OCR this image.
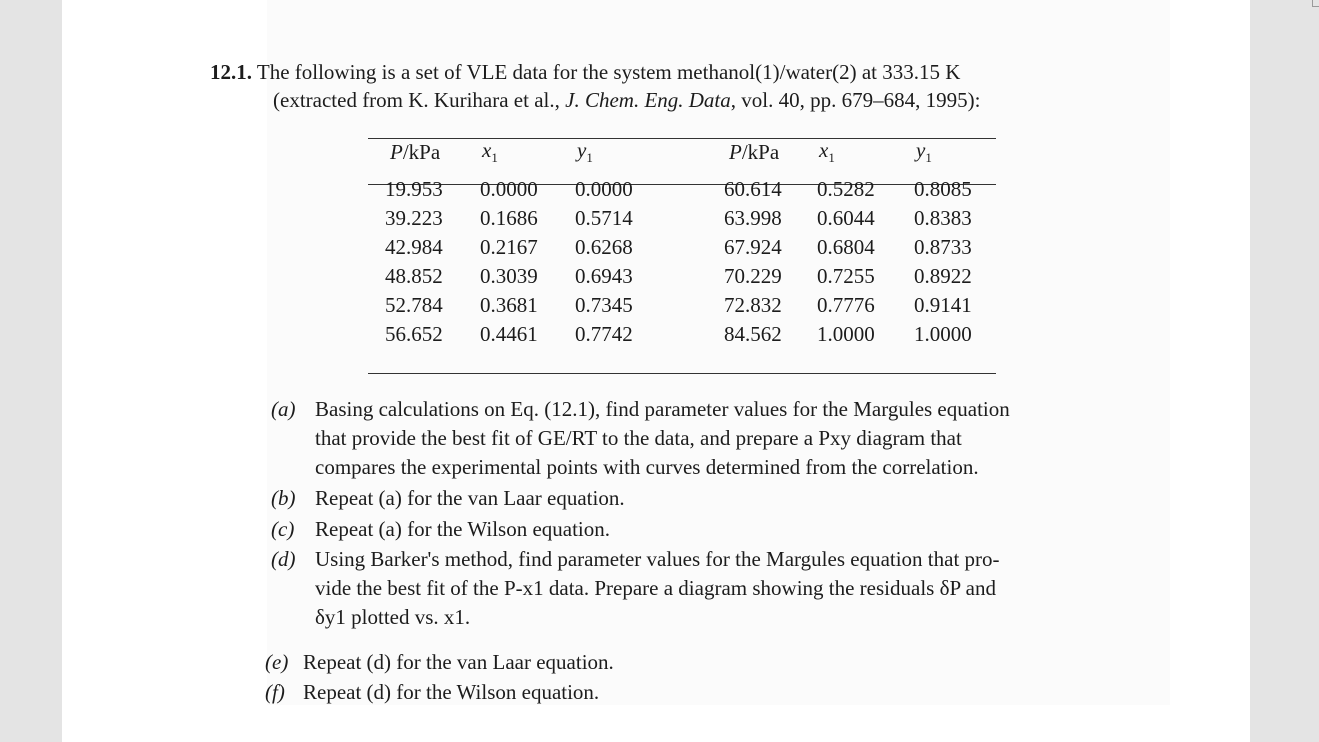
12.1. The following is a set of VLE data for the system methanol(1)/water(2) at 333.15 K
(extracted from K. Kurihara et al., J. Chem. Eng. Data, vol. 40, pp. 679–684, 1995):
P/kPa	$x_1$	$y_1$	P/kPa	$x_1$	$y_1$

19.953	0.0000	0.0000	60.614	0.5282	0.8085
39.223	0.1686	0.5714	63.998	0.6044	0.8383
42.984	0.2167	0.6268	67.924	0.6804	0.8733
48.852	0.3039	0.6943	70.229	0.7255	0.8922
52.784	0.3681	0.7345	72.832	0.7776	0.9141
56.652	0.4461	0.7742	84.562	1.0000	1.0000
(a) Basing calculations on Eq. (12.1), find parameter values for the Margules equation
that provide the best fit of GE/RT to the data, and prepare a Pxy diagram that
compares the experimental points with curves determined from the correlation.
(b) Repeat (a) for the van Laar equation.
(c) Repeat (a) for the Wilson equation.
(d) Using Barker's method, find parameter values for the Margules equation that pro-
vide the best fit of the P-x1 data. Prepare a diagram showing the residuals δP and
δy1 plotted vs. x1.
(e) Repeat (d) for the van Laar equation.
(f) Repeat (d) for the Wilson equation.
